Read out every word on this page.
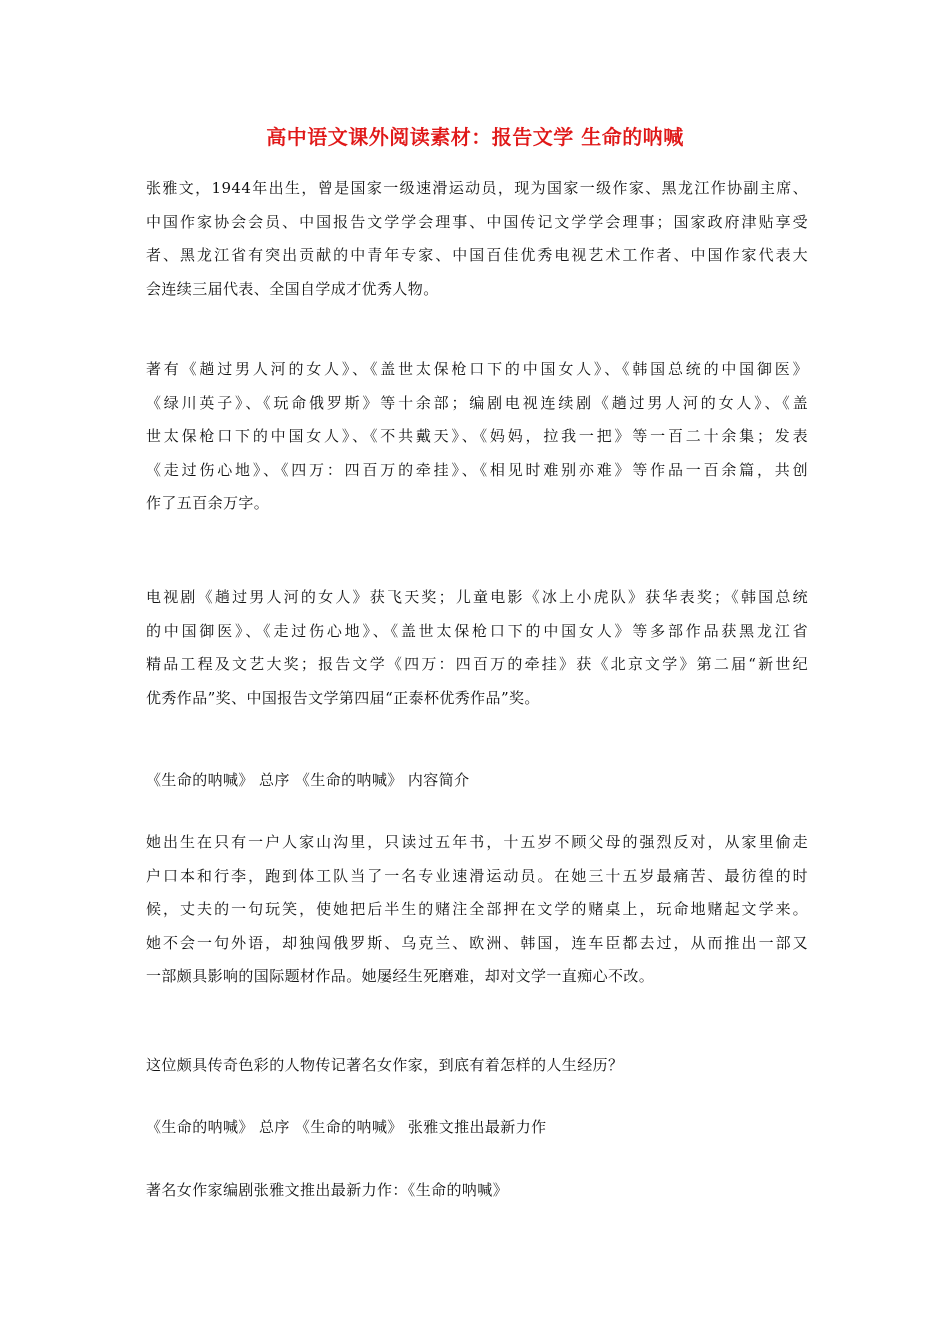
高中语文课外阅读素材：报告文学 生命的呐喊

张雅文，1944年出生，曾是国家一级速滑运动员，现为国家一级作家、黑龙江作协副主席、
中国作家协会会员、中国报告文学学会理事、中国传记文学学会理事；国家政府津贴享受
者、黑龙江省有突出贡献的中青年专家、中国百佳优秀电视艺术工作者、中国作家代表大
会连续三届代表、全国自学成才优秀人物。

著有《趟过男人河的女人》、《盖世太保枪口下的中国女人》、《韩国总统的中国御医》
《绿川英子》、《玩命俄罗斯》等十余部；编剧电视连续剧《趟过男人河的女人》、《盖
世太保枪口下的中国女人》、《不共戴天》、《妈妈，拉我一把》等一百二十余集；发表
《走过伤心地》、《四万：四百万的牵挂》、《相见时难别亦难》等作品一百余篇，共创
作了五百余万字。

电视剧《趟过男人河的女人》获飞天奖；儿童电影《冰上小虎队》获华表奖；《韩国总统
的中国御医》、《走过伤心地》、《盖世太保枪口下的中国女人》等多部作品获黑龙江省
精品工程及文艺大奖；报告文学《四万：四百万的牵挂》获《北京文学》第二届“新世纪
优秀作品”奖、中国报告文学第四届“正泰杯优秀作品”奖。

《生命的呐喊》 总序 《生命的呐喊》 内容简介

她出生在只有一户人家山沟里，只读过五年书，十五岁不顾父母的强烈反对，从家里偷走
户口本和行李，跑到体工队当了一名专业速滑运动员。在她三十五岁最痛苦、最彷徨的时
候，丈夫的一句玩笑，使她把后半生的赌注全部押在文学的赌桌上，玩命地赌起文学来。
她不会一句外语，却独闯俄罗斯、乌克兰、欧洲、韩国，连车臣都去过，从而推出一部又
一部颇具影响的国际题材作品。她屡经生死磨难，却对文学一直痴心不改。

这位颇具传奇色彩的人物传记著名女作家，到底有着怎样的人生经历？

《生命的呐喊》 总序 《生命的呐喊》 张雅文推出最新力作

著名女作家编剧张雅文推出最新力作：《生命的呐喊》
